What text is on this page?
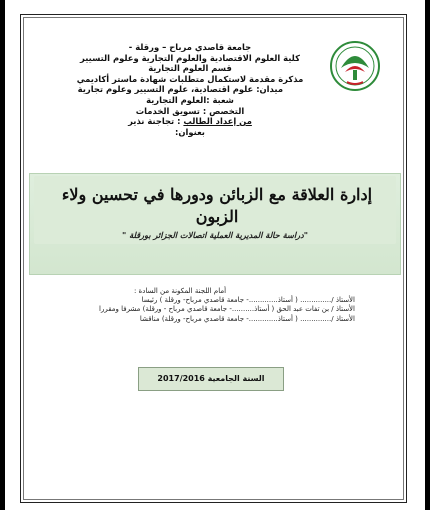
جامعة قاصدي مرباح – ورقلة -
كلية العلوم الاقتصادية والعلوم التجارية وعلوم التسيير
قسم العلوم التجارية
مذكرة مقدمة لاستكمال متطلبات شهادة ماستر أكاديمي
ميدان: علوم اقتصادية، علوم التسيير وعلوم تجارية
شعبة :العلوم التجارية
التخصص : تسويق الخدمات
من إعداد الطالب : تجاجنة نذير
بعنوان:
إدارة العلاقة مع الزبائن ودورها في تحسين ولاء الزبون
"دراسة حالة المديرية العملية اتصالات الجزائر بورقلة "
أمام اللجنة المكونة من السادة :
الأستاذ /.............. ( أستاذ.............- جامعة قاصدي مرباح- ورقلة ) رئيسا
الأستاذ / بن تفات عبد الحق ( أستاذ..........- جامعة قاصدي مرباح - ورقلة) مشرفا ومقررا
الأستاذ /.............. ( أستاذ.............- جامعة قاصدي مرباح- ورقلة) مناقشا
السنة الجامعية 2017/2016
